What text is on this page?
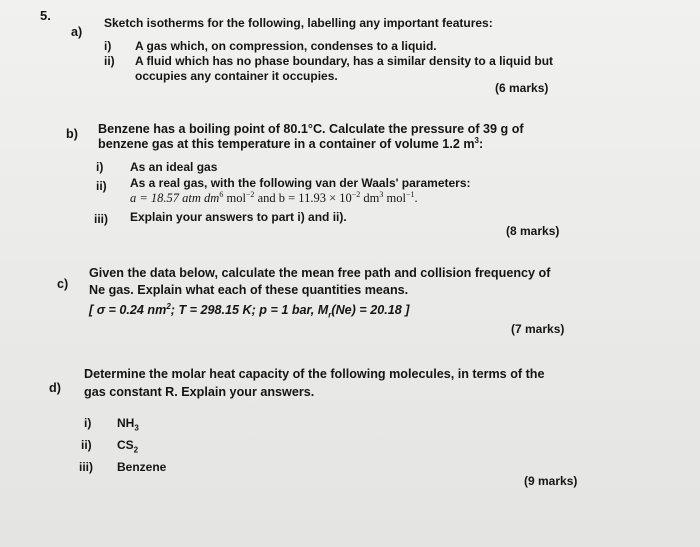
5.
a)
Sketch isotherms for the following, labelling any important features:
i) A gas which, on compression, condenses to a liquid.
ii) A fluid which has no phase boundary, has a similar density to a liquid but
occupies any container it occupies.
(6 marks)
b) Benzene has a boiling point of 80.1°C. Calculate the pressure of 39 g of
benzene gas at this temperature in a container of volume 1.2 $m^3$:
i) As an ideal gas
ii) As a real gas, with the following van der Waals' parameters:
a = 18.57 atm $dm^6$ mol$^{-2}$ and $b = 11.93 \times 10^{-2}$ $dm^3$ mol$^{-1}$.
iii) Explain your answers to part i) and ii).
(8 marks)
c)
Given the data below, calculate the mean free path and collision frequency of
Ne gas. Explain what each of these quantities means.
[ σ = 0.24 $nm^2$; T = 298.15 K; p = 1 bar, $M_r(Ne) = 20.18$ ]
(7 marks)
d)
Determine the molar heat capacity of the following molecules, in terms of the
gas constant R. Explain your answers.
i) $NH_3$
ii) $CS_2$
iii) Benzene
(9 marks)
